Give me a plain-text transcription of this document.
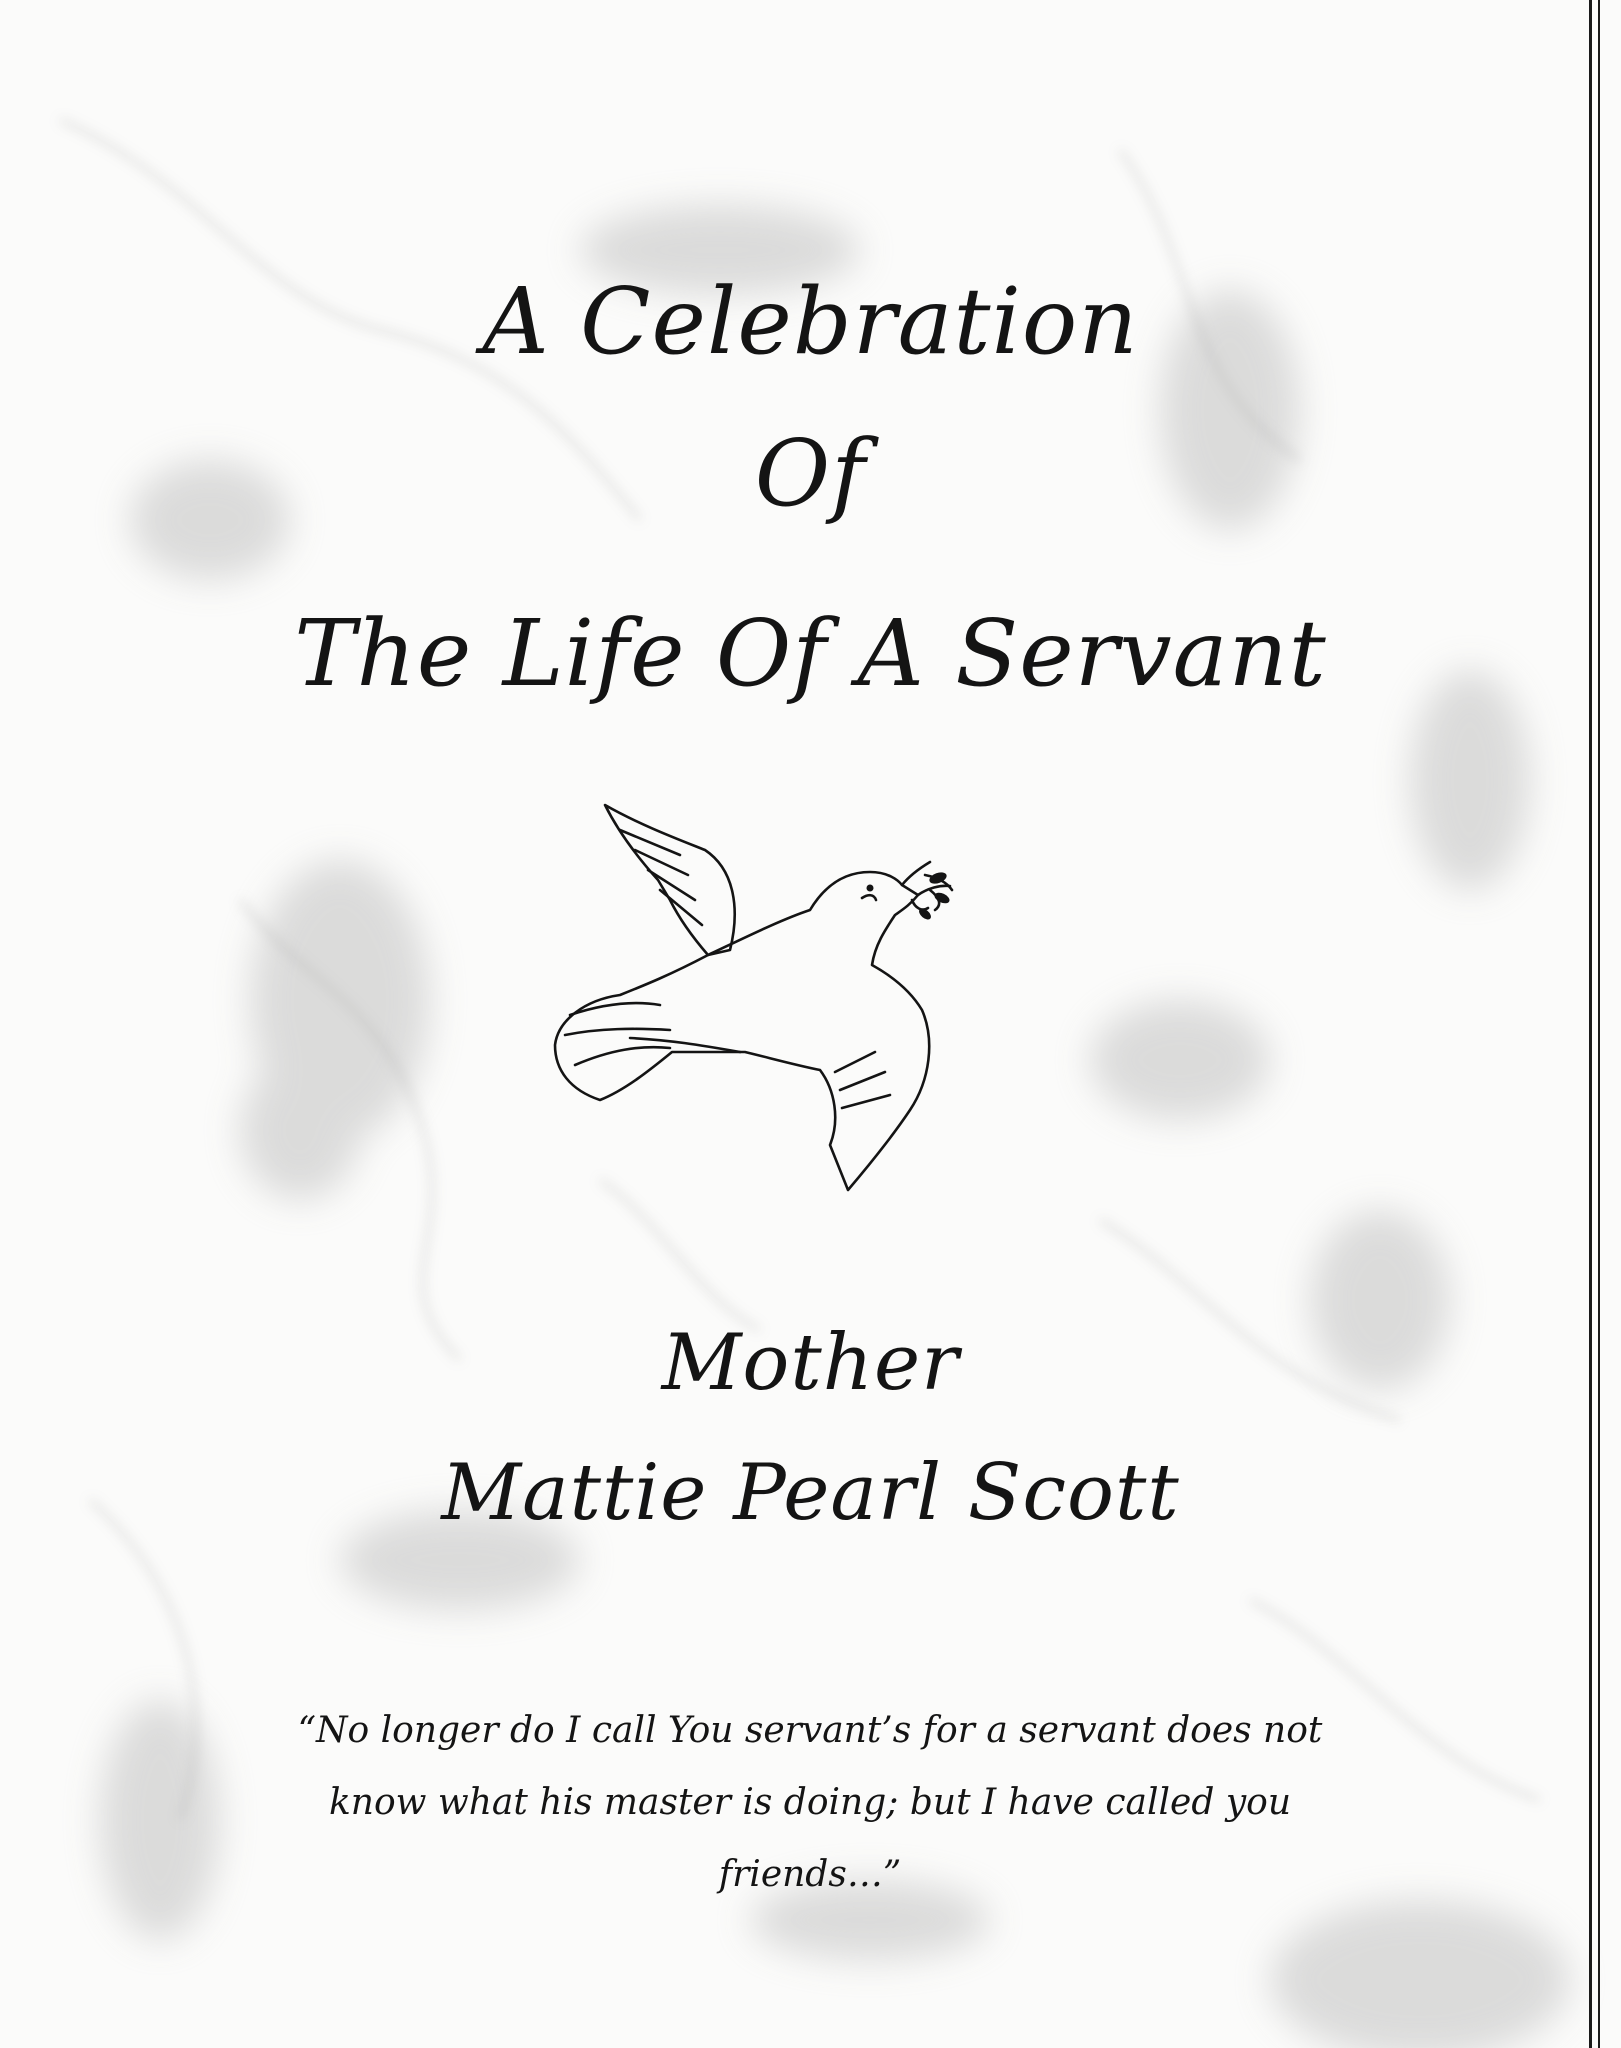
A Celebration
Of
The Life Of A Servant
Mother
Mattie Pearl Scott
“No longer do I call You servant’s for a servant does not
know what his master is doing; but I have called you
friends…”
